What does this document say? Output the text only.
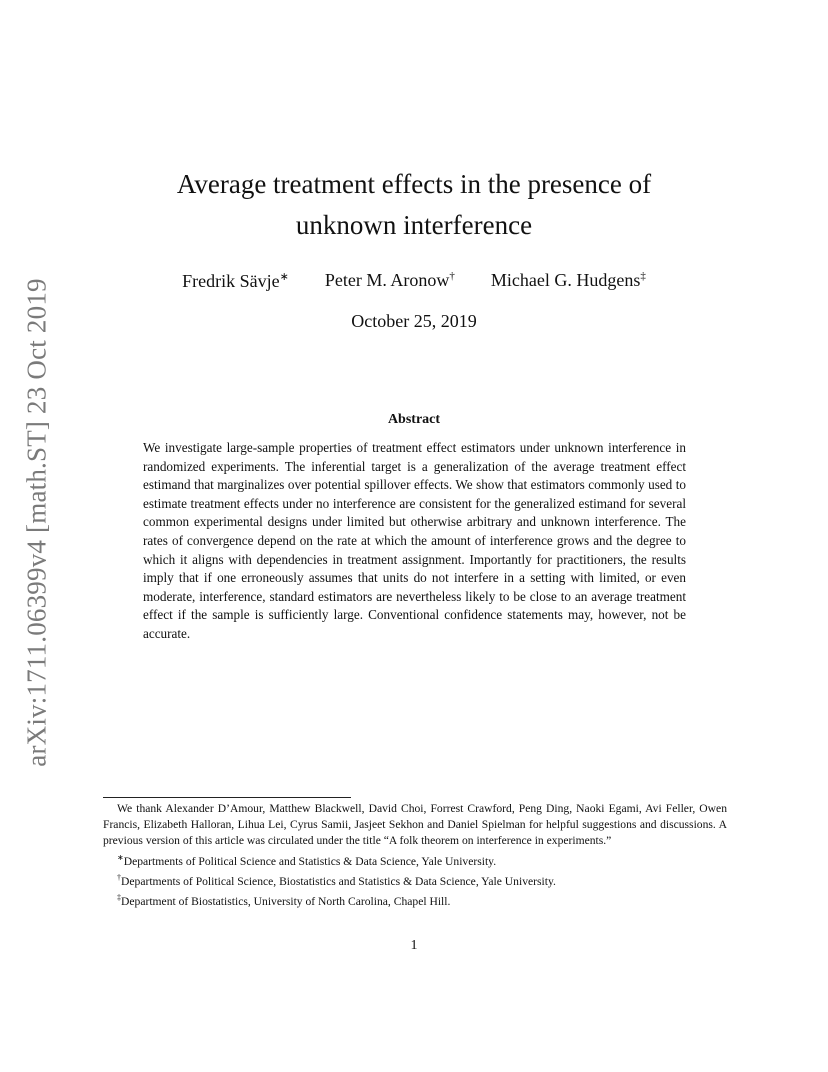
arXiv:1711.06399v4 [math.ST] 23 Oct 2019
Average treatment effects in the presence of
unknown interference
Fredrik Sävje∗ Peter M. Aronow† Michael G. Hudgens‡
October 25, 2019
Abstract

We investigate large-sample properties of treatment effect estimators under unknown interference in randomized experiments. The inferential target is a generalization of the average treatment effect estimand that marginalizes over potential spillover effects. We show that estimators commonly used to estimate treatment effects under no interference are consistent for the generalized estimand for several common experimental designs under limited but otherwise arbitrary and unknown interference. The rates of convergence depend on the rate at which the amount of interference grows and the degree to which it aligns with dependencies in treatment assignment. Importantly for practitioners, the results imply that if one erroneously assumes that units do not interfere in a setting with limited, or even moderate, interference, standard estimators are nevertheless likely to be close to an average treatment effect if the sample is sufficiently large. Conventional confidence statements may, however, not be accurate.

We thank Alexander D’Amour, Matthew Blackwell, David Choi, Forrest Crawford, Peng Ding, Naoki Egami, Avi Feller, Owen Francis, Elizabeth Halloran, Lihua Lei, Cyrus Samii, Jasjeet Sekhon and Daniel Spielman for helpful suggestions and discussions. A previous version of this article was circulated under the title “A folk theorem on interference in experiments.”

∗Departments of Political Science and Statistics & Data Science, Yale University.

†Departments of Political Science, Biostatistics and Statistics & Data Science, Yale University.

‡Department of Biostatistics, University of North Carolina, Chapel Hill.

1
